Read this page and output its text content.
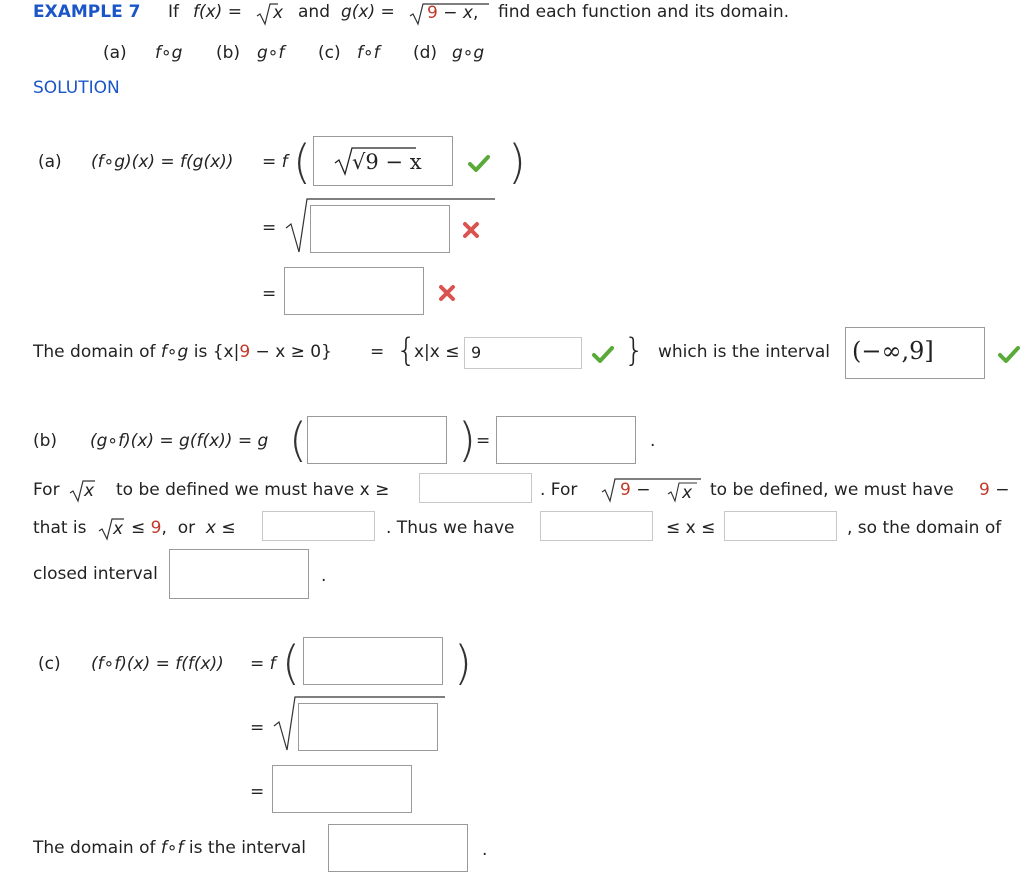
EXAMPLE 7 If f(x) = x and g(x) = 9 − x, find each function and its domain.
(a) f∘g (b) g∘f (c) f∘f (d) g∘g
SOLUTION
(a) (f∘g)(x) = f(g(x)) = f ( √9 − x )
=
=
The domain of f∘g is {x|9 − x ≥ 0} = {
x|x ≤ 9	} which is the interval (−∞,9]
(b) (g∘f)(x) = g(f(x)) = g (	) =	.
For x to be defined we must have x ≥	. For	9 − x to be defined, we must have 9 −
that is x ≤ 9,  or  x ≤	. Thus we have	≤ x ≤	, so the domain of
closed interval	.
(c) (f∘f)(x) = f(f(x)) = f (	)
=
=
The domain of f∘f is the interval	.
